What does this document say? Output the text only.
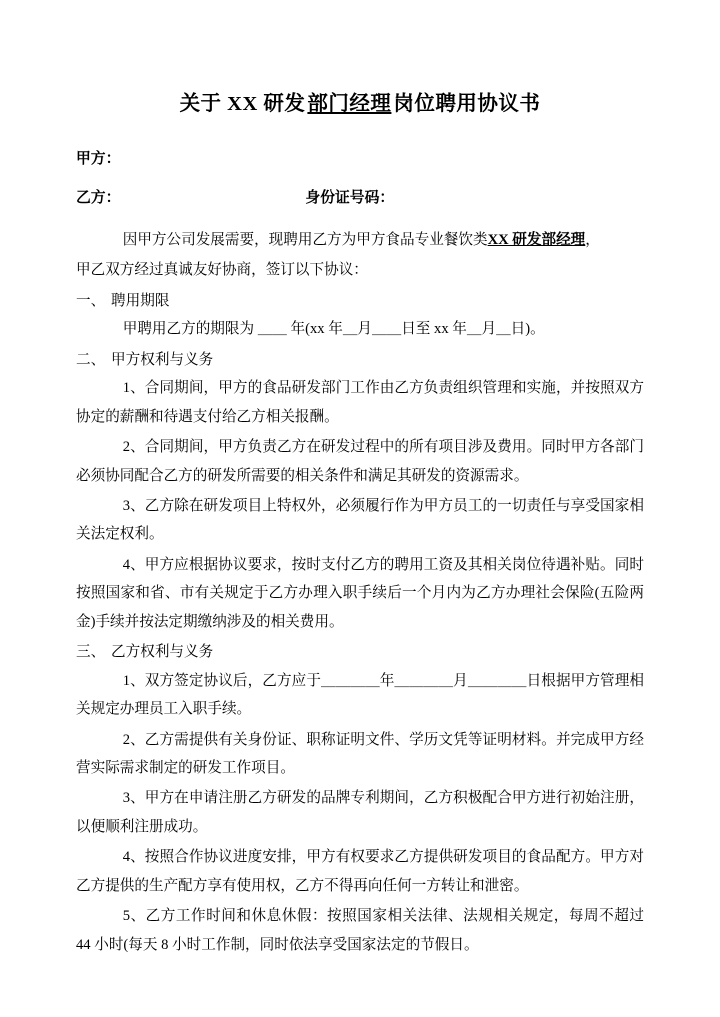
关于 XX 研发部门经理岗位聘用协议书
甲方：
乙方：	身份证号码：

因甲方公司发展需要，现聘用乙方为甲方食品专业餐饮类XX 研发部经理，

甲乙双方经过真诚友好协商，签订以下协议：

一、 聘用期限

甲聘用乙方的期限为 ＿＿ 年(xx 年＿月＿＿日至 xx 年＿月＿日)。

二、 甲方权利与义务

1、合同期间，甲方的食品研发部门工作由乙方负责组织管理和实施，并按照双方协定的薪酬和待遇支付给乙方相关报酬。

2、合同期间，甲方负责乙方在研发过程中的所有项目涉及费用。同时甲方各部门必须协同配合乙方的研发所需要的相关条件和满足其研发的资源需求。

3、乙方除在研发项目上特权外，必须履行作为甲方员工的一切责任与享受国家相关法定权利。

4、甲方应根据协议要求，按时支付乙方的聘用工资及其相关岗位待遇补贴。同时按照国家和省、市有关规定于乙方办理入职手续后一个月内为乙方办理社会保险(五险两金)手续并按法定期缴纳涉及的相关费用。

三、 乙方权利与义务

1、双方签定协议后，乙方应于＿＿＿＿年＿＿＿＿月＿＿＿＿日根据甲方管理相关规定办理员工入职手续。

2、乙方需提供有关身份证、职称证明文件、学历文凭等证明材料。并完成甲方经营实际需求制定的研发工作项目。

3、甲方在申请注册乙方研发的品牌专利期间，乙方积极配合甲方进行初始注册，以便顺利注册成功。

4、按照合作协议进度安排，甲方有权要求乙方提供研发项目的食品配方。甲方对乙方提供的生产配方享有使用权，乙方不得再向任何一方转让和泄密。

5、乙方工作时间和休息休假：按照国家相关法律、法规相关规定，每周不超过 44 小时(每天 8 小时工作制，同时依法享受国家法定的节假日。
